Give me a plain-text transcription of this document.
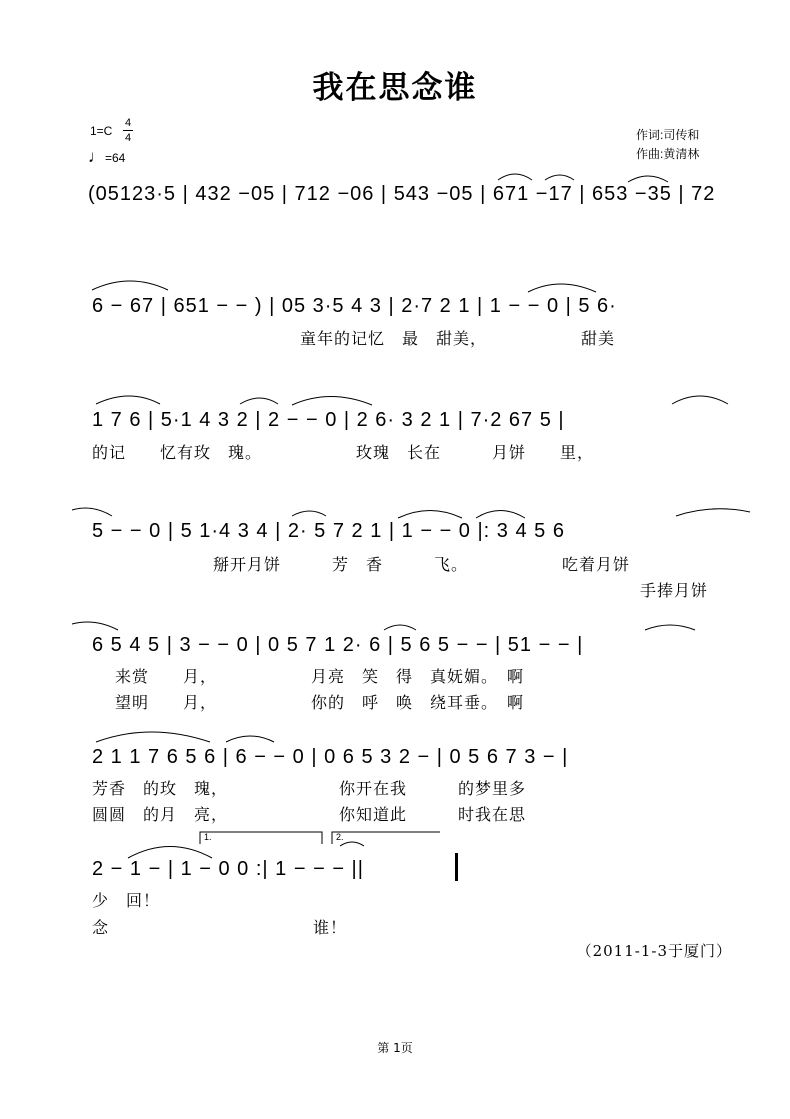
我在思念谁
1=C
4
4
♩=64
作词:司传和
作曲:黄清林
(05123·5 | 432 −05 | 712 −06 | 543 −05 | 671 −17 | 653 −35 | 72
6 − 67 | 651 − − ) | 05 3·5 4 3 | 2·7 2 1 | 1 − − 0 | 5 6·
童年的记忆　最　甜美，　　　　　　甜美
1 7 6 | 5·1 4 3 2 | 2 − − 0 | 2 6· 3 2 1 | 7·2 67 5 |
的记　　忆有玫　瑰。　　　　　　玫瑰　长在　　　月饼　　里，
5 − − 0 | 5 1·4 3 4 | 2· 5 7 2 1 | 1 − − 0 |: 3 4 5 6
掰开月饼　　　芳　香　　　飞。　　　　　　吃着月饼
手捧月饼
6 5 4 5 | 3 − − 0 | 0 5 7 1 2· 6 | 5 6 5 − − | 51 − − |
来赏　　月，　　　　　　月亮　笑　得　真妩媚。　啊
望明　　月，　　　　　　你的　呼　唤　绕耳垂。　啊
2 1 1 7 6 5 6 | 6 − − 0 | 0 6 5 3 2 − | 0 5 6 7 3 − |
芳香　的玫　瑰，　　　　　　　你开在我　　　的梦里多
圆圆　的月　亮，　　　　　　　你知道此　　　时我在思
1.	2.
2 − 1 − | 1 − 0 0 :| 1 − − − ||
少　回！
念　　　　　　　　　　　　谁！
（2011-1-3于厦门）
第 1页
